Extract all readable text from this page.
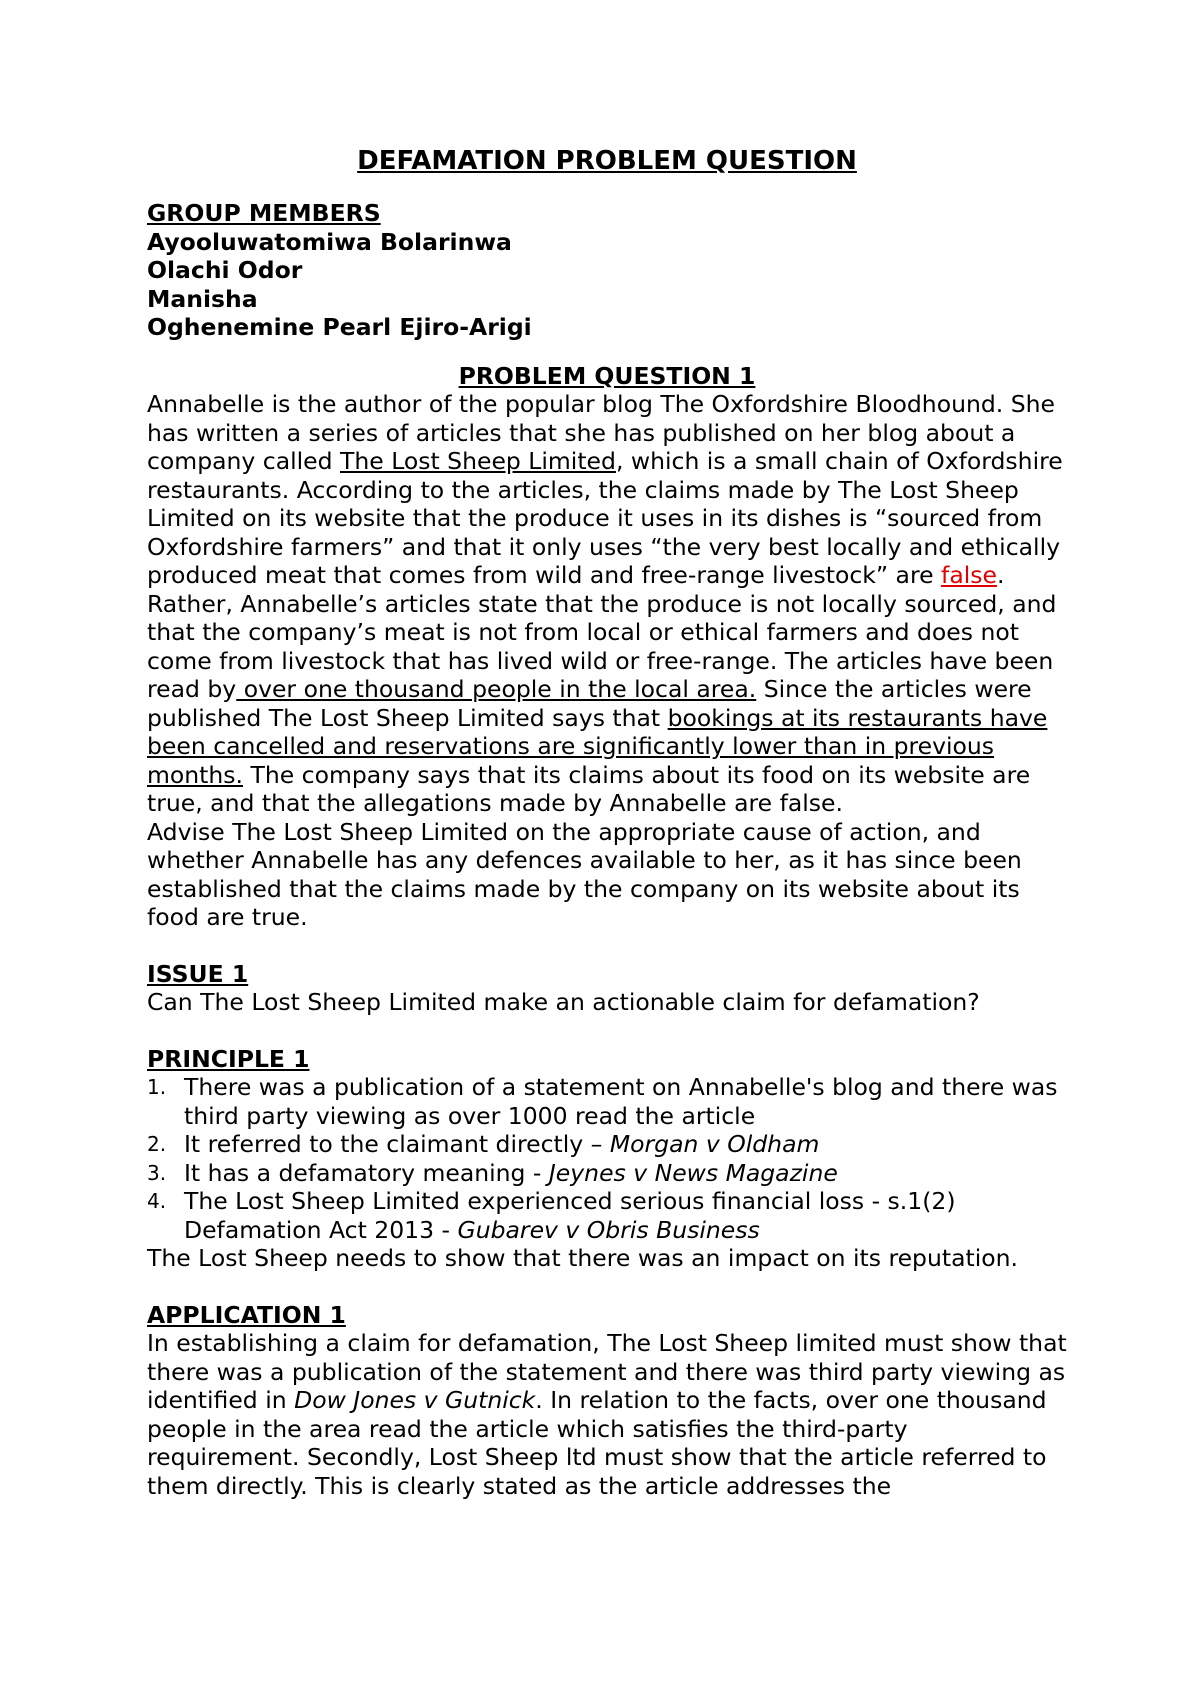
DEFAMATION PROBLEM QUESTION

GROUP MEMBERS

Ayooluwatomiwa Bolarinwa

Olachi Odor

Manisha

Oghenemine Pearl Ejiro-Arigi

PROBLEM QUESTION 1

Annabelle is the author of the popular blog The Oxfordshire Bloodhound. She has written a series of articles that she has published on her blog about a company called The Lost Sheep Limited, which is a small chain of Oxfordshire restaurants. According to the articles, the claims made by The Lost Sheep Limited on its website that the produce it uses in its dishes is “sourced from Oxfordshire farmers” and that it only uses “the very best locally and ethically produced meat that comes from wild and free-range livestock” are false. Rather, Annabelle’s articles state that the produce is not locally sourced, and that the company’s meat is not from local or ethical farmers and does not come from livestock that has lived wild or free-range. The articles have been read by over one thousand people in the local area. Since the articles were published The Lost Sheep Limited says that bookings at its restaurants have been cancelled and reservations are significantly lower than in previous months. The company says that its claims about its food on its website are true, and that the allegations made by Annabelle are false.

Advise The Lost Sheep Limited on the appropriate cause of action, and whether Annabelle has any defences available to her, as it has since been established that the claims made by the company on its website about its food are true.

ISSUE 1

Can The Lost Sheep Limited make an actionable claim for defamation?

PRINCIPLE 1

1. There was a publication of a statement on Annabelle's blog and there was third party viewing as over 1000 read the article
2. It referred to the claimant directly – Morgan v Oldham
3. It has a defamatory meaning - Jeynes v News Magazine
4. The Lost Sheep Limited experienced serious financial loss - s.1(2) Defamation Act 2013 - Gubarev v Obris Business

The Lost Sheep needs to show that there was an impact on its reputation.

APPLICATION 1

In establishing a claim for defamation, The Lost Sheep limited must show that there was a publication of the statement and there was third party viewing as identified in Dow Jones v Gutnick. In relation to the facts, over one thousand people in the area read the article which satisfies the third-party requirement. Secondly, Lost Sheep ltd must show that the article referred to them directly. This is clearly stated as the article addresses the
